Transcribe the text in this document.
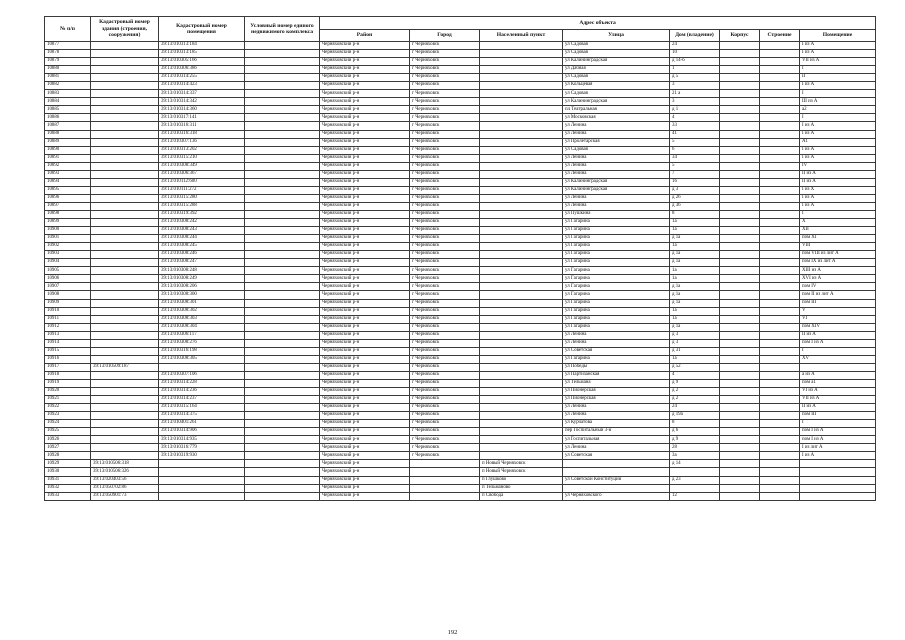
№ п/п	Кадастровый номер здания (строения, сооружения)	Кадастровый номер помещения	Условный номер единого недвижимого комплекса	Адрес объекта							
				Район	Город	Населенный пункт	Улица	Дом (владение)	Корпус	Строение	Помещение
10877		39:13:010313:184		Черняховский р-н	г Черняховск		ул Садовая	24			I из А
10878		39:13:010313:185		Черняховский р-н	г Черняховск		ул Садовая	10			I из А
10879		39:13:010305:166		Черняховский р-н	г Черняховск		ул Калининградская	д 14-б			VII из А
10880		39:13:010306:386		Черняховский р-н	г Черняховск		ул Дачная	1			I
10881		39:13:010314:255		Черняховский р-н	г Черняховск		ул Садовая	д 5			II
10882		39:13:010314:423		Черняховский р-н	г Черняховск		ул Кольцевая	3			I из А
10883		39:13:010314:337		Черняховский р-н	г Черняховск		ул Садовая	21 а			I
10884		39:13:010314:342		Черняховский р-н	г Черняховск		ул Калининградская	3			III из А
10885		39:13:010314:360		Черняховский р-н	г Черняховск		пл Театральная	д 1			a2
10886		39:13:010317:141		Черняховский р-н	г Черняховск		ул Московская	4			I
10887		39:13:010316:311		Черняховский р-н	г Черняховск		ул Ленина	33			I из А
10888		39:13:010316:318		Черняховский р-н	г Черняховск		ул Ленина	41			I из А
10889		39:13:010307:136		Черняховский р-н	г Черняховск		ул Пролетарская	5			A1
10890		39:13:010313:202		Черняховский р-н	г Черняховск		ул Садовая	6			I из А
10891		39:13:010315:210		Черняховский р-н	г Черняховск		ул Ленина	34			I из А
10892		39:13:010308:349		Черняховский р-н	г Черняховск		ул Ленина	5			IV
10893		39:13:010306:367		Черняховский р-н	г Черняховск		ул Ленина	7			II из А
10894		39:13:010112:600		Черняховский р-н	г Черняховск		ул Калининградская	16			II из А
10895		39:13:010111:272		Черняховский р-н	г Черняховск		ул Калининградская	д 3			I из X
10896		39:13:010315:280		Черняховский р-н	г Черняховск		ул Ленина	д 26			I из А
10897		39:13:010315:288		Черняховский р-н	г Черняховск		ул Ленина	д 36			I из А
10898		39:13:010319:392		Черняховский р-н	г Черняховск		ул Пушкина	8			I
10899		39:13:010308:242		Черняховский р-н	г Черняховск		ул Гагарина	1а			X
10900		39:13:010308:243		Черняховский р-н	г Черняховск		ул Гагарина	1а			XII
10901		39:13:010308:244		Черняховский р-н	г Черняховск		ул Гагарина	д 1а			пом XI
10902		39:13:010308:245		Черняховский р-н	г Черняховск		ул Гагарина	1а			VIII
10903		39:13:010308:246		Черняховский р-н	г Черняховск		ул Гагарина	д 1а			пом VIII из лит А
10904		39:13:010308:247		Черняховский р-н	г Черняховск		ул Гагарина	д 1а			пом IX из лит А
10905		39:13:010308:248		Черняховский р-н	г Черняховск		ул Гагарина	1а			XIII из А
10906		39:13:010308:249		Черняховский р-н	г Черняховск		ул Гагарина	1а			XVI из А
10907		39:13:010308:206		Черняховский р-н	г Черняховск		ул Гагарина	д 1а			пом IV
10908		39:13:010308:300		Черняховский р-н	г Черняховск		ул Гагарина	д 1а			пом II из лит А
10909		39:13:010308:301		Черняховский р-н	г Черняховск		ул Гагарина	д 1а			пом III
10910		39:13:010308:302		Черняховский р-н	г Черняховск		ул Гагарина	1а			V
10911		39:13:010308:303		Черняховский р-н	г Черняховск		ул Гагарина	1а			VI
10912		39:13:010308:304		Черняховский р-н	г Черняховск		ул Гагарина	д 1а			пом XIV
10913		39:13:010306:117		Черняховский р-н	г Черняховск		ул Ленина	д 3			II из А
10914		39:13:010308:276		Черняховский р-н	г Черняховск		ул Ленина	д 3			пом I из А
10915		39:13:010316:198		Черняховский р-н	г Черняховск		ул Советская	д 31			I
10916		39:13:010308:305		Черняховский р-н	г Черняховск		ул Гагарина	1а			XV
10917	39:13:010509:187			Черняховский р-н	г Черняховск		ул Победы	д 52			
10918		39:13:010307:106		Черняховский р-н	г Черняховск		ул Партизанская	4			а из А
10919		39:13:010314:228		Черняховский р-н	г Черняховск		ул Тельмана	д 9			пом a1
10920		39:13:010314:236		Черняховский р-н	г Черняховск		ул Пионерская	д 2			VI из А
10921		39:13:010314:237		Черняховский р-н	г Черняховск		ул Пионерская	д 2			VII из А
10922		39:13:010315:164		Черняховский р-н	г Черняховск		ул Ленина	24			II из А
10923		39:13:010314:375		Черняховский р-н	г Черняховск		ул Ленина	д 19а			пом III
10924		39:13:010401:261		Черняховский р-н	г Черняховск		ул Курчатова	8			I
10925		39:13:010314:906		Черняховский р-н	г Черняховск		пер Госпитальный 3-й	д 6			пом I из А
10926		39:13:010314:935		Черняховский р-н	г Черняховск		ул Госпитальная	д 9			пом I из А
10927		39:13:010316:779		Черняховский р-н	г Черняховск		ул Ленина	28			I из лит А
10928		39:13:010319:930		Черняховский р-н	г Черняховск		ул Советская	3а			I из А
10929	39:13:010506:318			Черняховский р-н		п Новый Черняховск		д 14			
10930	39:13:010506:326			Черняховский р-н		п Новый Черняховск					
10931	39:13:020403:56			Черняховский р-н		п Глушково	ул Советской Конституции	д 23			
10932	39:13:050702:86			Черняховский р-н		п Тельманово					
10933	39:13:050901:73			Черняховский р-н		п Свобода	ул Черняховского	12			
192
